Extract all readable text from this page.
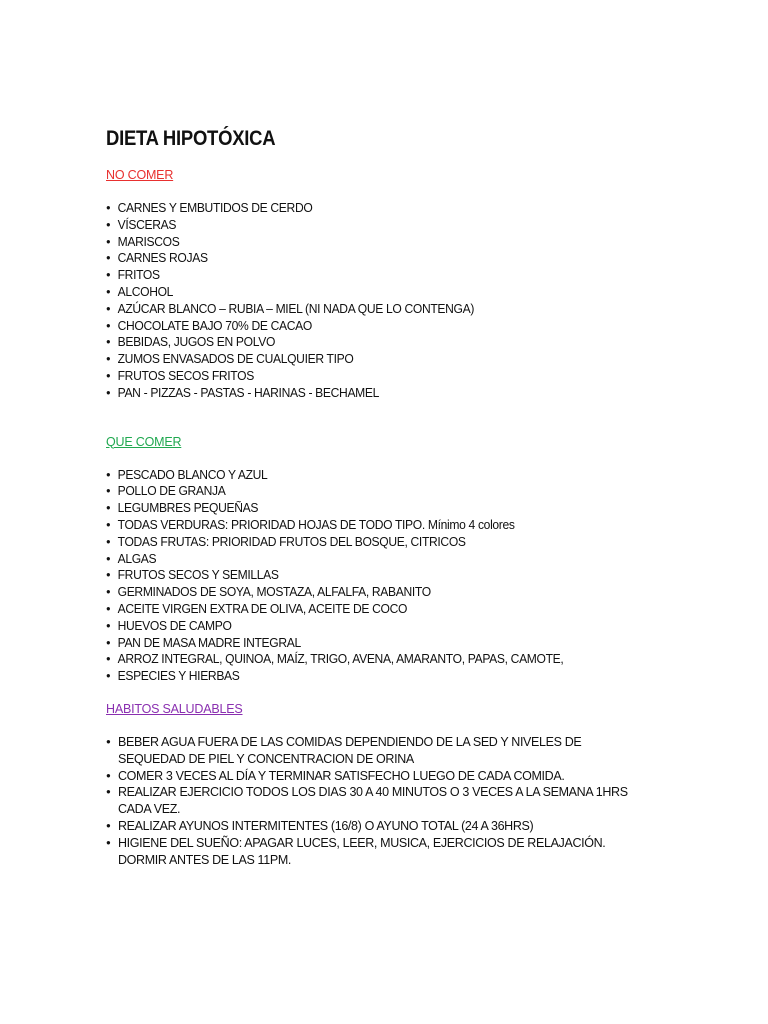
DIETA HIPOTÓXICA

NO COMER

● CARNES Y EMBUTIDOS DE CERDO
● VÍSCERAS
● MARISCOS
● CARNES ROJAS
● FRITOS
● ALCOHOL
● AZÚCAR BLANCO – RUBIA – MIEL (NI NADA QUE LO CONTENGA)
● CHOCOLATE BAJO 70% DE CACAO
● BEBIDAS, JUGOS EN POLVO
● ZUMOS ENVASADOS DE CUALQUIER TIPO
● FRUTOS SECOS FRITOS
● PAN - PIZZAS - PASTAS - HARINAS - BECHAMEL

QUE COMER

● PESCADO BLANCO Y AZUL
● POLLO DE GRANJA
● LEGUMBRES PEQUEÑAS
● TODAS VERDURAS: PRIORIDAD HOJAS DE TODO TIPO. Mínimo 4 colores
● TODAS FRUTAS: PRIORIDAD FRUTOS DEL BOSQUE, CITRICOS
● ALGAS
● FRUTOS SECOS Y SEMILLAS
● GERMINADOS DE SOYA, MOSTAZA, ALFALFA, RABANITO
● ACEITE VIRGEN EXTRA DE OLIVA, ACEITE DE COCO
● HUEVOS DE CAMPO
● PAN DE MASA MADRE INTEGRAL
● ARROZ INTEGRAL, QUINOA, MAÍZ, TRIGO, AVENA, AMARANTO, PAPAS, CAMOTE,
● ESPECIES Y HIERBAS

HABITOS SALUDABLES

● BEBER AGUA FUERA DE LAS COMIDAS DEPENDIENDO DE LA SED Y NIVELES DE SEQUEDAD DE PIEL Y CONCENTRACION DE ORINA
● COMER 3 VECES AL DÍA Y TERMINAR SATISFECHO LUEGO DE CADA COMIDA.
● REALIZAR EJERCICIO TODOS LOS DIAS 30 A 40 MINUTOS O 3 VECES A LA SEMANA 1HRS CADA VEZ.
● REALIZAR AYUNOS INTERMITENTES (16/8) O AYUNO TOTAL (24 A 36HRS)
● HIGIENE DEL SUEÑO: APAGAR LUCES, LEER, MUSICA, EJERCICIOS DE RELAJACIÓN. DORMIR ANTES DE LAS 11PM.
